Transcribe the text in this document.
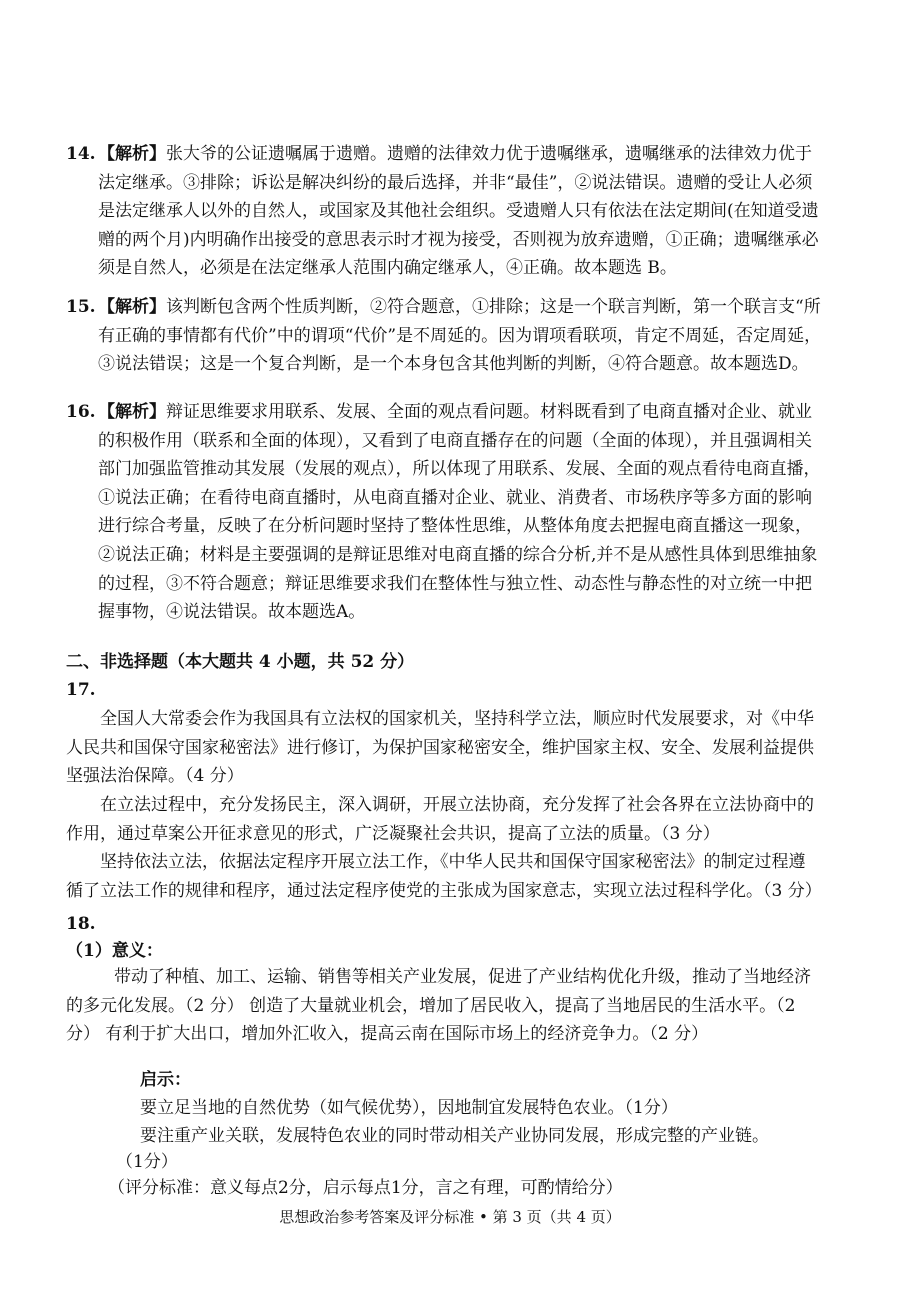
14. 【解析】张大爷的公证遗嘱属于遗赠。遗赠的法律效力优于遗嘱继承，遗嘱继承的法律效力优于法定继承。③排除；诉讼是解决纠纷的最后选择，并非“最佳”，②说法错误。遗赠的受让人必须是法定继承人以外的自然人，或国家及其他社会组织。受遗赠人只有依法在法定期间(在知道受遗赠的两个月)内明确作出接受的意思表示时才视为接受，否则视为放弃遗赠，①正确；遗嘱继承必须是自然人，必须是在法定继承人范围内确定继承人，④正确。故本题选 B。
15. 【解析】该判断包含两个性质判断，②符合题意，①排除；这是一个联言判断，第一个联言支“所有正确的事情都有代价”中的谓项“代价”是不周延的。因为谓项看联项，肯定不周延，否定周延，③说法错误；这是一个复合判断，是一个本身包含其他判断的判断，④符合题意。故本题选D。
16. 【解析】辩证思维要求用联系、发展、全面的观点看问题。材料既看到了电商直播对企业、就业的积极作用（联系和全面的体现），又看到了电商直播存在的问题（全面的体现），并且强调相关部门加强监管推动其发展（发展的观点），所以体现了用联系、发展、全面的观点看待电商直播，①说法正确；在看待电商直播时，从电商直播对企业、就业、消费者、市场秩序等多方面的影响进行综合考量，反映了在分析问题时坚持了整体性思维，从整体角度去把握电商直播这一现象，②说法正确；材料是主要强调的是辩证思维对电商直播的综合分析,并不是从感性具体到思维抽象的过程，③不符合题意；辩证思维要求我们在整体性与独立性、动态性与静态性的对立统一中把握事物，④说法错误。故本题选A。
二、非选择题（本大题共 4 小题，共 52 分）
17.
全国人大常委会作为我国具有立法权的国家机关，坚持科学立法，顺应时代发展要求，对《中华人民共和国保守国家秘密法》进行修订，为保护国家秘密安全，维护国家主权、安全、发展利益提供坚强法治保障。（4 分）
在立法过程中，充分发扬民主，深入调研，开展立法协商，充分发挥了社会各界在立法协商中的作用，通过草案公开征求意见的形式，广泛凝聚社会共识，提高了立法的质量。（3 分）
坚持依法立法，依据法定程序开展立法工作，《中华人民共和国保守国家秘密法》的制定过程遵循了立法工作的规律和程序，通过法定程序使党的主张成为国家意志，实现立法过程科学化。（3 分）
18.
（1）意义：
带动了种植、加工、运输、销售等相关产业发展，促进了产业结构优化升级，推动了当地经济的多元化发展。（2 分） 创造了大量就业机会，增加了居民收入，提高了当地居民的生活水平。（2 分） 有利于扩大出口，增加外汇收入，提高云南在国际市场上的经济竞争力。（2 分）
启示：
要立足当地的自然优势（如气候优势），因地制宜发展特色农业。（1分）
要注重产业关联，发展特色农业的同时带动相关产业协同发展，形成完整的产业链。
（1分）
（评分标准：意义每点2分，启示每点1分，言之有理，可酌情给分）
思想政治参考答案及评分标准 • 第 3 页（共 4 页）
